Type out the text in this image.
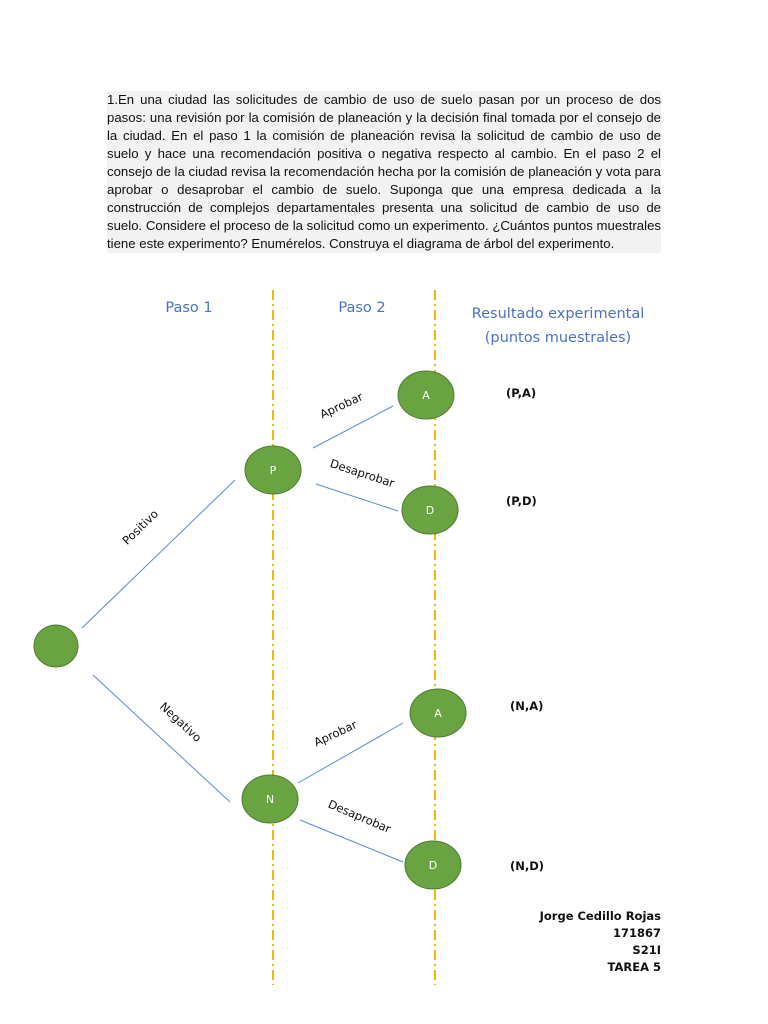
1.En una ciudad las solicitudes de cambio de uso de suelo pasan por un proceso de dos pasos: una revisión por la comisión de planeación y la decisión final tomada por el consejo de la ciudad. En el paso 1 la comisión de planeación revisa la solicitud de cambio de uso de suelo y hace una recomendación positiva o negativa respecto al cambio. En el paso 2 el consejo de la ciudad revisa la recomendación hecha por la comisión de planeación y vota para aprobar o desaprobar el cambio de suelo. Suponga que una empresa dedicada a la construcción de complejos departamentales presenta una solicitud de cambio de uso de suelo. Considere el proceso de la solicitud como un experimento. ¿Cuántos puntos muestrales tiene este experimento? Enumérelos. Construya el diagrama de árbol del experimento.

Paso 1	Paso 2	Resultado experimental
(puntos muestrales)
Positivo
Negativo
Aprobar
Desaprobar
Aprobar
Desaprobar
P
N
A
D
A
D
(P,A)
(P,D)
(N,A)
(N,D)
Jorge Cedillo Rojas
171867
S21I
TAREA 5
